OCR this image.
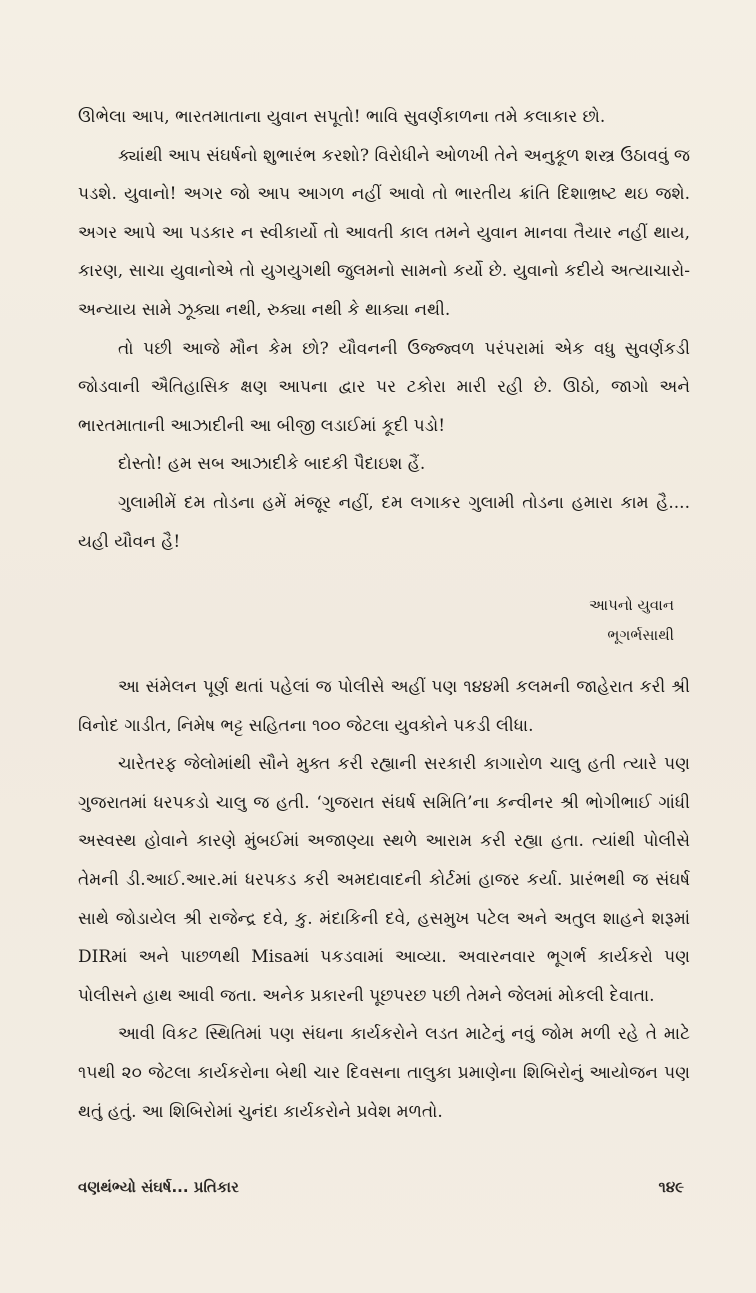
ઊભેલા આપ, ભારતમાતાના યુવાન સપૂતો! ભાવિ સુવર્ણકાળના તમે કલાકાર છો.

ક્યાંથી આપ સંઘર્ષનો શુભારંભ કરશો? વિરોધીને ઓળખી તેને અનુકૂળ શસ્ત્ર ઉઠાવવું જ પડશે. યુવાનો! અગર જો આપ આગળ નહીં આવો તો ભારતીય ક્રાંતિ દિશાભ્રષ્ટ થઇ જશે. અગર આપે આ પડકાર ન સ્વીકાર્યો તો આવતી કાલ તમને યુવાન માનવા તૈયાર નહીં થાય, કારણ, સાચા યુવાનોએ તો યુગયુગથી જુલમનો સામનો કર્યો છે. યુવાનો કદીયે અત્યાચારો-અન્યાય સામે ઝૂક્યા નથી, રુક્યા નથી કે થાક્યા નથી.

તો પછી આજે મૌન કેમ છો? યૌવનની ઉજ્જ્વળ પરંપરામાં એક વધુ સુવર્ણકડી જોડવાની ઐતિહાસિક ક્ષણ આપના દ્વાર પર ટકોરા મારી રહી છે. ઊઠો, જાગો અને ભારતમાતાની આઝાદીની આ બીજી લડાઈમાં કૂદી પડો!

દોસ્તો! હમ સબ આઝાદીકે બાદકી પૈદાઇશ હૈં.

ગુલામીમેં દમ તોડના હમેં મંજૂર નહીં, દમ લગાકર ગુલામી તોડના હમારા કામ હૈ.... યહી યૌવન હૈ!

આપનો યુવાન
ભૂગર્ભસાથી

આ સંમેલન પૂર્ણ થતાં પહેલાં જ પોલીસે અહીં પણ ૧૪૪મી કલમની જાહેરાત કરી શ્રી વિનોદ ગાડીત, નિમેષ ભટ્ટ સહિતના ૧૦૦ જેટલા યુવકોને પકડી લીધા.

ચારેતરફ જેલોમાંથી સૌને મુક્ત કરી રહ્યાની સરકારી કાગારોળ ચાલુ હતી ત્યારે પણ ગુજરાતમાં ધરપકડો ચાલુ જ હતી. ‘ગુજરાત સંઘર્ષ સમિતિ’ના કન્વીનર શ્રી ભોગીભાઈ ગાંધી અસ્વસ્થ હોવાને કારણે મુંબઈમાં અજાણ્યા સ્થળે આરામ કરી રહ્યા હતા. ત્યાંથી પોલીસે તેમની ડી.આઈ.આર.માં ધરપકડ કરી અમદાવાદની કોર્ટમાં હાજર કર્યા. પ્રારંભથી જ સંઘર્ષ સાથે જોડાયેલ શ્રી રાજેન્દ્ર દવે, કુ. મંદાકિની દવે, હસમુખ પટેલ અને અતુલ શાહને શરૂમાં DIRમાં અને પાછળથી Misaમાં પકડવામાં આવ્યા. અવારનવાર ભૂગર્ભ કાર્યકરો પણ પોલીસને હાથ આવી જતા. અનેક પ્રકારની પૂછપરછ પછી તેમને જેલમાં મોકલી દેવાતા.

આવી વિકટ સ્થિતિમાં પણ સંઘના કાર્યકરોને લડત માટેનું નવું જોમ મળી રહે તે માટે ૧૫થી ૨૦ જેટલા કાર્યકરોના બેથી ચાર દિવસના તાલુકા પ્રમાણેના શિબિરોનું આયોજન પણ થતું હતું. આ શિબિરોમાં ચુનંદા કાર્યકરોને પ્રવેશ મળતો.

વણથંભ્યો સંઘર્ષ... પ્રતિકાર	૧૪૯
